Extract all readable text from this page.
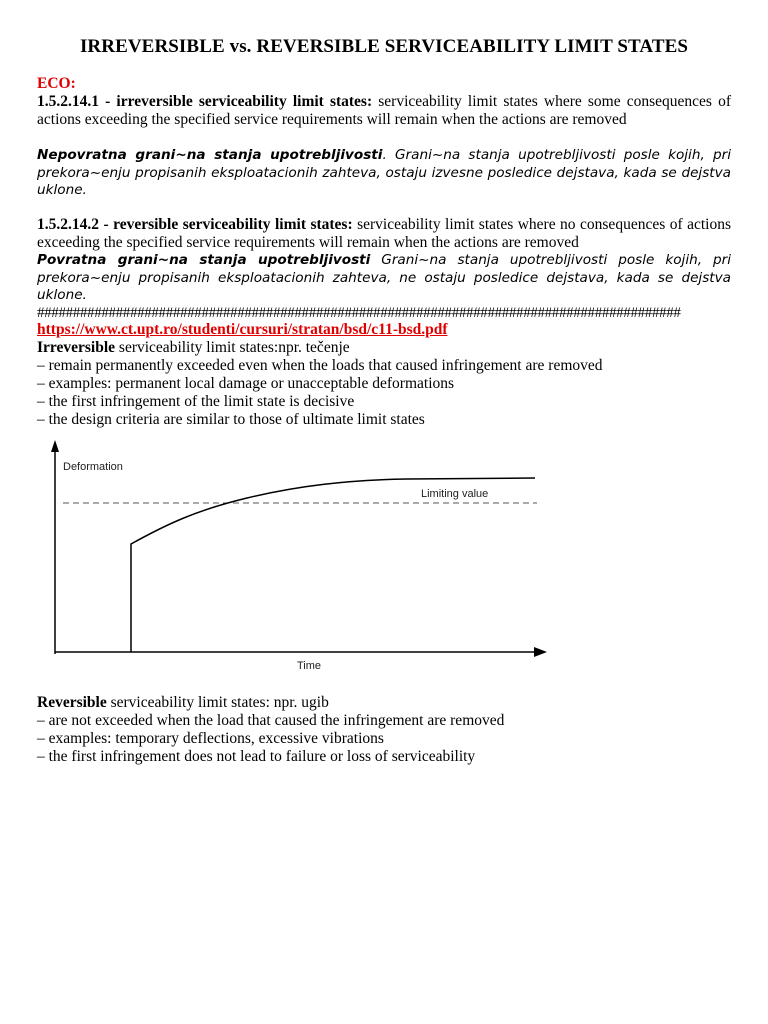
IRREVERSIBLE vs. REVERSIBLE SERVICEABILITY LIMIT STATES
ECO:
1.5.2.14.1 - irreversible serviceability limit states: serviceability limit states where some consequences of actions exceeding the specified service requirements will remain when the actions are removed
Nepovratna grani~na stanja upotrebljivosti. Grani~na stanja upotrebljivosti posle kojih, pri prekora~enju propisanih eksploatacionih zahteva, ostaju izvesne posledice dejstava, kada se dejstva uklone.
1.5.2.14.2 - reversible serviceability limit states: serviceability limit states where no consequences of actions exceeding the specified service requirements will remain when the actions are removed
Povratna grani~na stanja upotrebljivosti Grani~na stanja upotrebljivosti posle kojih, pri prekora~enju propisanih eksploatacionih zahteva, ne ostaju posledice dejstava, kada se dejstva uklone.
##########################################################################################
https://www.ct.upt.ro/studenti/cursuri/stratan/bsd/c11-bsd.pdf
Irreversible serviceability limit states:npr. tečenje
– remain permanently exceeded even when the loads that caused infringement are removed
– examples: permanent local damage or unacceptable deformations
– the first infringement of the limit state is decisive
– the design criteria are similar to those of ultimate limit states
Deformation
Time
Limiting value
Reversible serviceability limit states: npr. ugib
– are not exceeded when the load that caused the infringement are removed
– examples: temporary deflections, excessive vibrations
– the first infringement does not lead to failure or loss of serviceability
